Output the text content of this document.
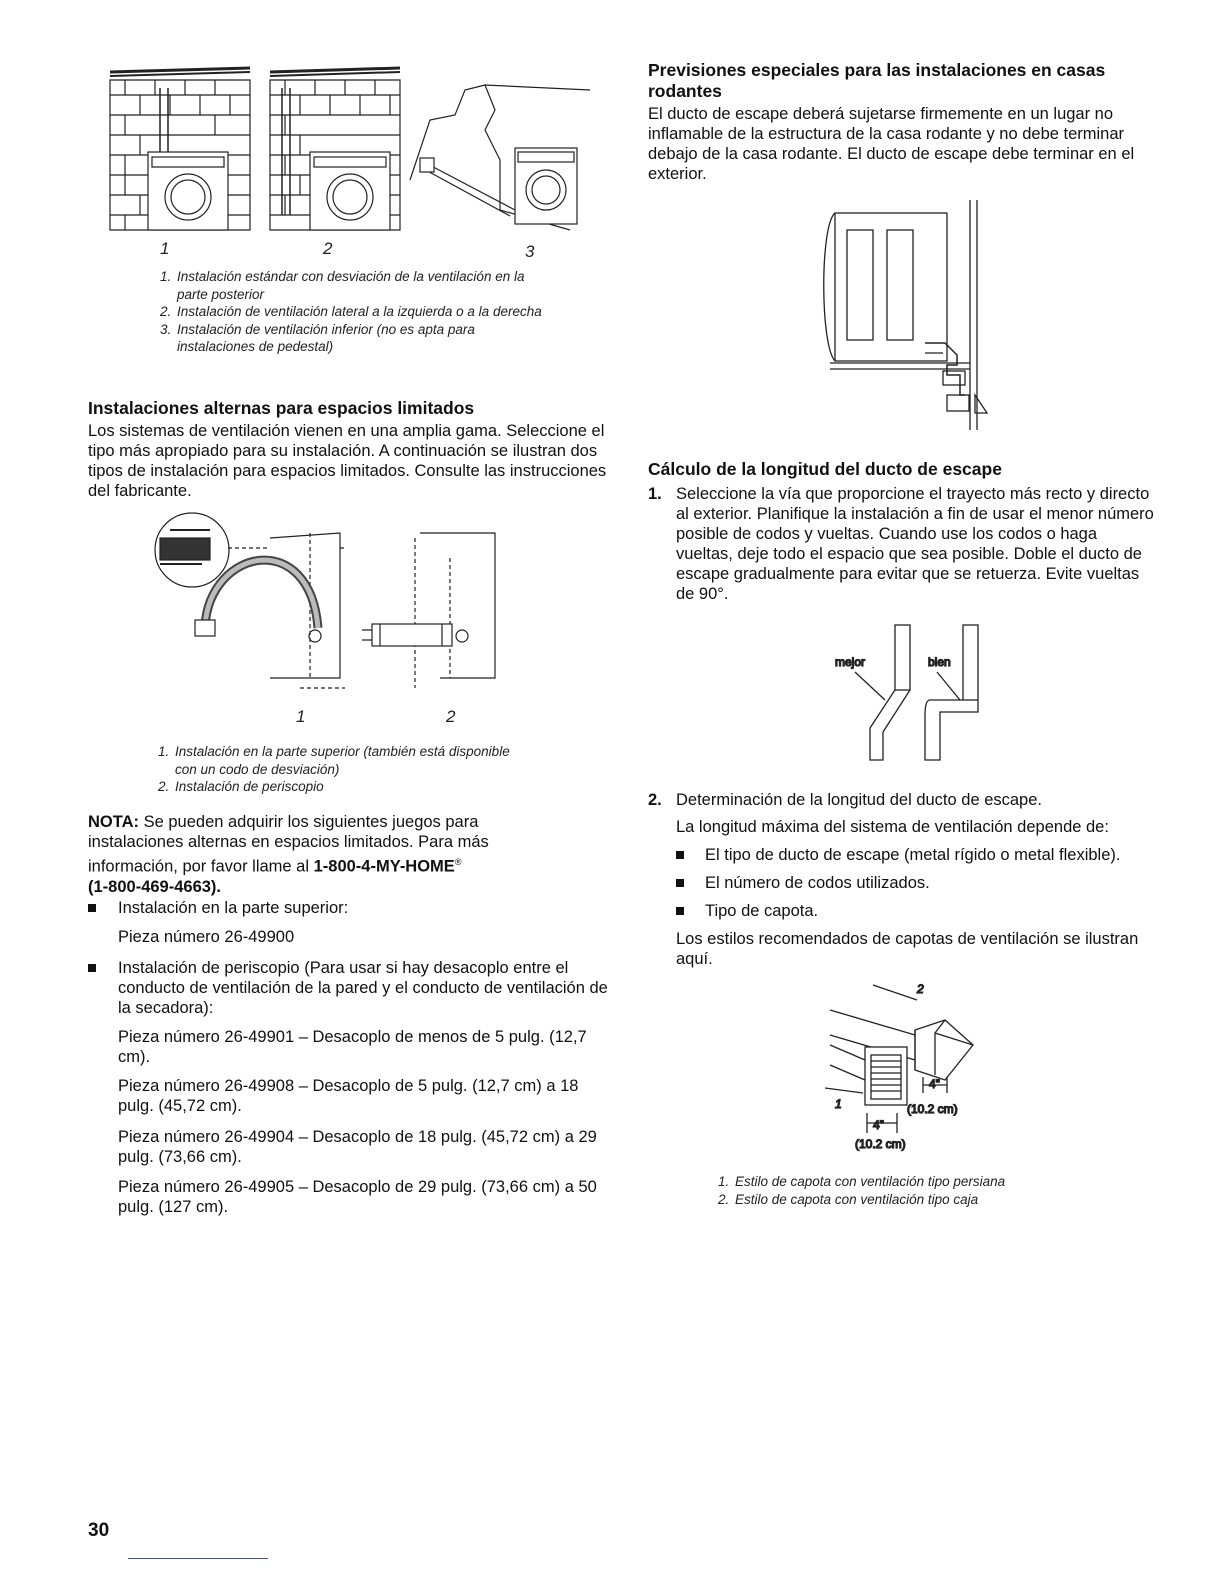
1	2	3
1. Instalación estándar con desviación de la ventilación en la parte posterior
2. Instalación de ventilación lateral a la izquierda o a la derecha
3. Instalación de ventilación inferior (no es apta para instalaciones de pedestal)
Instalaciones alternas para espacios limitados

Los sistemas de ventilación vienen en una amplia gama. Seleccione el tipo más apropiado para su instalación. A continuación se ilustran dos tipos de instalación para espacios limitados. Consulte las instrucciones del fabricante.

1	2
1. Instalación en la parte superior (también está disponible con un codo de desviación)
2. Instalación de periscopio

NOTA: Se pueden adquirir los siguientes juegos para instalaciones alternas en espacios limitados. Para más información, por favor llame al 1-800-4-MY-HOME®
(1-800-469-4663).

Instalación en la parte superior:
Pieza número 26-49900
Instalación de periscopio (Para usar si hay desacoplo entre el conducto de ventilación de la pared y el conducto de ventilación de la secadora):
Pieza número 26-49901 – Desacoplo de menos de 5 pulg. (12,7 cm).
Pieza número 26-49908 – Desacoplo de 5 pulg. (12,7 cm) a 18 pulg. (45,72 cm).
Pieza número 26-49904 – Desacoplo de 18 pulg. (45,72 cm) a 29 pulg. (73,66 cm).
Pieza número 26-49905 – Desacoplo de 29 pulg. (73,66 cm) a 50 pulg. (127 cm).
Previsiones especiales para las instalaciones en casas rodantes

El ducto de escape deberá sujetarse firmemente en un lugar no inflamable de la estructura de la casa rodante y no debe terminar debajo de la casa rodante. El ducto de escape debe terminar en el exterior.

Cálculo de la longitud del ducto de escape
1. Seleccione la vía que proporcione el trayecto más recto y directo al exterior. Planifique la instalación a fin de usar el menor número posible de codos y vueltas. Cuando use los codos o haga vueltas, deje todo el espacio que sea posible. Doble el ducto de escape gradualmente para evitar que se retuerza. Evite vueltas de 90°.
mejor	bien
2. Determinación de la longitud del ducto de escape.
La longitud máxima del sistema de ventilación depende de:
El tipo de ducto de escape (metal rígido o metal flexible).
El número de codos utilizados.
Tipo de capota.

Los estilos recomendados de capotas de ventilación se ilustran aquí.

2
1
4"
(10.2 cm)
4"
(10.2 cm)
1. Estilo de capota con ventilación tipo persiana
2. Estilo de capota con ventilación tipo caja
30
